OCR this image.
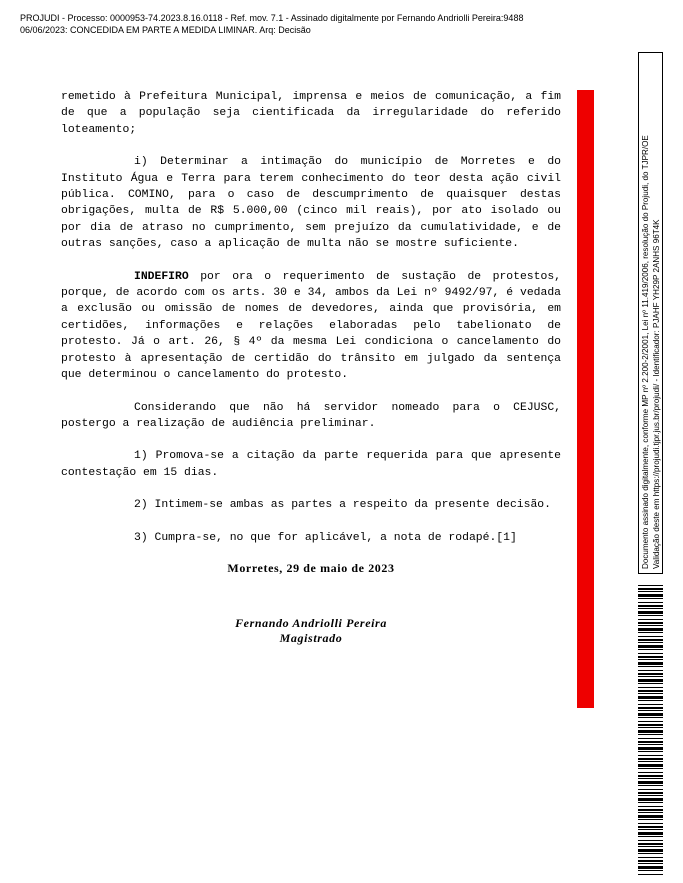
PROJUDI - Processo: 0000953-74.2023.8.16.0118 - Ref. mov. 7.1 - Assinado digitalmente por Fernando Andriolli Pereira:9488
06/06/2023: CONCEDIDA EM PARTE A MEDIDA LIMINAR. Arq: Decisão

remetido à Prefeitura Municipal, imprensa e meios de comunicação, a fim de que a população seja cientificada da irregularidade do referido loteamento;

i) Determinar a intimação do município de Morretes e do Instituto Água e Terra para terem conhecimento do teor desta ação civil pública. COMINO, para o caso de descumprimento de quaisquer destas obrigações, multa de R$ 5.000,00 (cinco mil reais), por ato isolado ou por dia de atraso no cumprimento, sem prejuízo da cumulatividade, e de outras sanções, caso a aplicação de multa não se mostre suficiente.

INDEFIRO por ora o requerimento de sustação de protestos, porque, de acordo com os arts. 30 e 34, ambos da Lei nº 9492/97, é vedada a exclusão ou omissão de nomes de devedores, ainda que provisória, em certidões, informações e relações elaboradas pelo tabelionato de protesto. Já o art. 26, § 4º da mesma Lei condiciona o cancelamento do protesto à apresentação de certidão do trânsito em julgado da sentença que determinou o cancelamento do protesto.

Considerando que não há servidor nomeado para o CEJUSC, postergo a realização de audiência preliminar.

1) Promova-se a citação da parte requerida para que apresente contestação em 15 dias.

2) Intimem-se ambas as partes a respeito da presente decisão.

3) Cumpra-se, no que for aplicável, a nota de rodapé.[1]

Morretes, 29 de maio de 2023
Fernando Andriolli Pereira
Magistrado
Documento assinado digitalmente, conforme MP nº 2.200-2/2001, Lei nº 11.419/2006, resolução do Projudi, do TJPR/OE Validação deste em https://projudi.tjpr.jus.br/projudi/ - Identificador: PJAHF YH29P 2ANHS 96T4K
